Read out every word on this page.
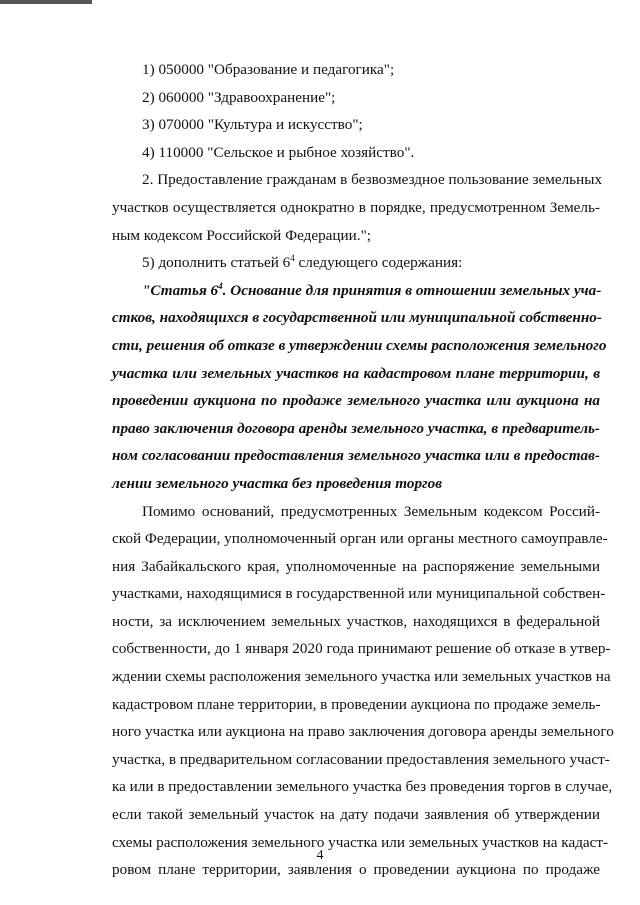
1) 050000 "Образование и педагогика";
2) 060000 "Здравоохранение";
3) 070000 "Культура и искусство";
4) 110000 "Сельское и рыбное хозяйство".
2. Предоставление гражданам в безвозмездное пользование земельных
участков осуществляется однократно в порядке, предусмотренном Земель-
ным кодексом Российской Федерации.";
5) дополнить статьей $6^4$ следующего содержания:
"Статья $6^4$. Основание для принятия в отношении земельных уча-
стков, находящихся в государственной или муниципальной собственно-
сти, решения об отказе в утверждении схемы расположения земельного
участка или земельных участков на кадастровом плане территории, в
проведении аукциона по продаже земельного участка или аукциона на
право заключения договора аренды земельного участка, в предваритель-
ном согласовании предоставления земельного участка или в предостав-
лении земельного участка без проведения торгов
Помимо оснований, предусмотренных Земельным кодексом Россий-
ской Федерации, уполномоченный орган или органы местного самоуправле-
ния Забайкальского края, уполномоченные на распоряжение земельными
участками, находящимися в государственной или муниципальной собствен-
ности, за исключением земельных участков, находящихся в федеральной
собственности, до 1 января 2020 года принимают решение об отказе в утвер-
ждении схемы расположения земельного участка или земельных участков на
кадастровом плане территории, в проведении аукциона по продаже земель-
ного участка или аукциона на право заключения договора аренды земельного
участка, в предварительном согласовании предоставления земельного участ-
ка или в предоставлении земельного участка без проведения торгов в случае,
если такой земельный участок на дату подачи заявления об утверждении
схемы расположения земельного участка или земельных участков на кадаст-
ровом плане территории, заявления о проведении аукциона по продаже
4
